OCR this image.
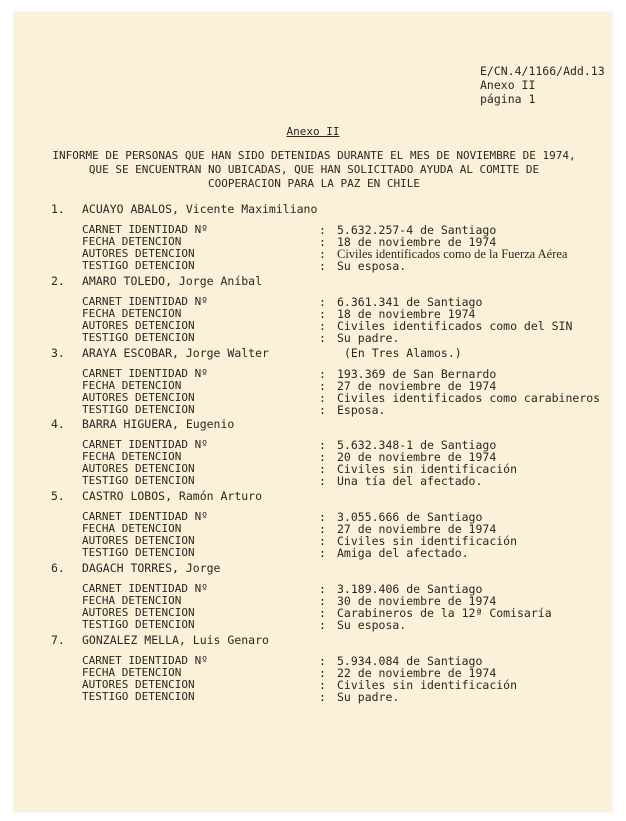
E/CN.4/1166/Add.13
Anexo II
página 1
Anexo II
INFORME DE PERSONAS QUE HAN SIDO DETENIDAS DURANTE EL MES DE NOVIEMBRE DE 1974,
QUE SE ENCUENTRAN NO UBICADAS, QUE HAN SOLICITADO AYUDA AL COMITE DE
COOPERACION PARA LA PAZ EN CHILE
1. ACUAYO ABALOS, Vicente Maximiliano
CARNET IDENTIDAD Nº	: 5.632.257-4 de Santiago
FECHA DETENCION	: 18 de noviembre de 1974
AUTORES DETENCION	: Civiles identificados como de la Fuerza Aérea
TESTIGO DETENCION	: Su esposa.
2. AMARO TOLEDO, Jorge Aníbal
CARNET IDENTIDAD Nº	: 6.361.341 de Santiago
FECHA DETENCION	: 18 de noviembre 1974
AUTORES DETENCION	: Civiles identificados como del SIN
TESTIGO DETENCION	: Su padre.
3. ARAYA ESCOBAR, Jorge Walter	(En Tres Alamos.)
CARNET IDENTIDAD Nº	: 193.369 de San Bernardo
FECHA DETENCION	: 27 de noviembre de 1974
AUTORES DETENCION	: Civiles identificados como carabineros
TESTIGO DETENCION	: Esposa.
4. BARRA HIGUERA, Eugenio
CARNET IDENTIDAD Nº	: 5.632.348-1 de Santiago
FECHA DETENCION	: 20 de noviembre de 1974
AUTORES DETENCION	: Civiles sin identificación
TESTIGO DETENCION	: Una tía del afectado.
5. CASTRO LOBOS, Ramón Arturo
CARNET IDENTIDAD Nº	: 3.055.666 de Santiago
FECHA DETENCION	: 27 de noviembre de 1974
AUTORES DETENCION	: Civiles sin identificación
TESTIGO DETENCION	: Amiga del afectado.
6. DAGACH TORRES, Jorge
CARNET IDENTIDAD Nº	: 3.189.406 de Santiago
FECHA DETENCION	: 30 de noviembre de 1974
AUTORES DETENCION	: Carabineros de la 12ª Comisaría
TESTIGO DETENCION	: Su esposa.
7. GONZALEZ MELLA, Luis Genaro
CARNET IDENTIDAD Nº	: 5.934.084 de Santiago
FECHA DETENCION	: 22 de noviembre de 1974
AUTORES DETENCION	: Civiles sin identificación
TESTIGO DETENCION	: Su padre.
